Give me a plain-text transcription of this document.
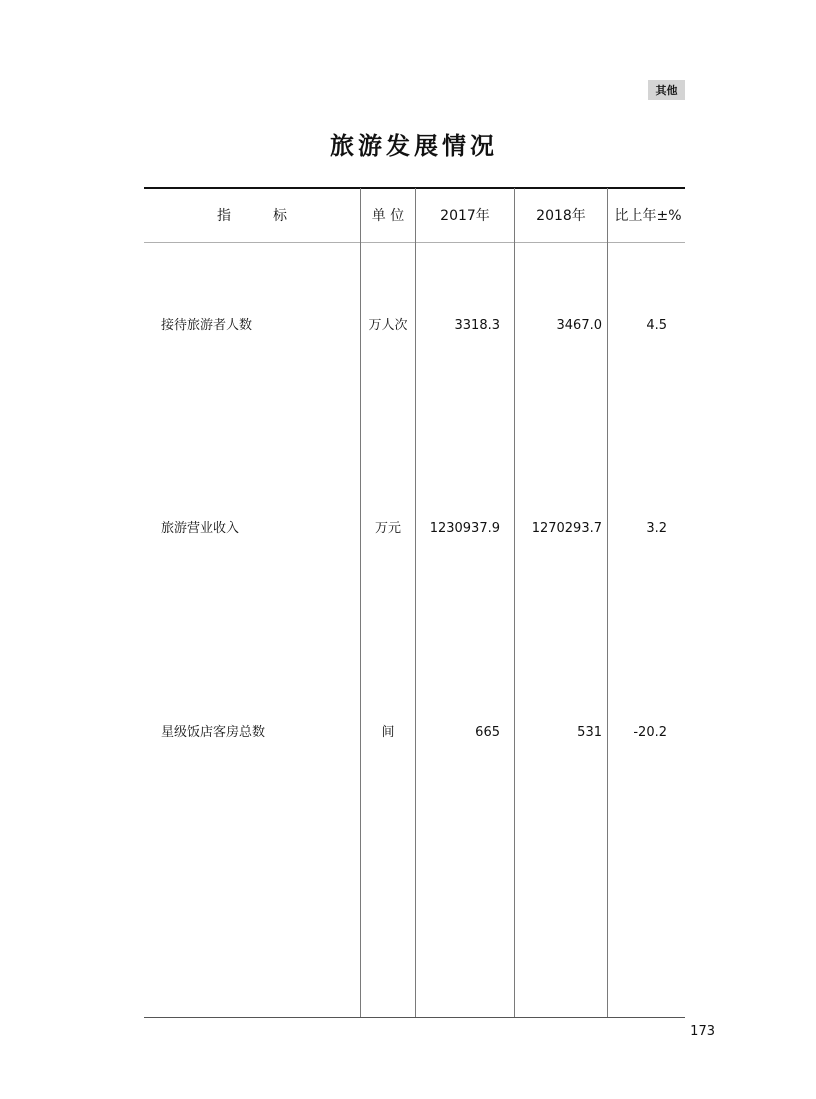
其他
旅游发展情况
指　　　标	单 位	2017年	2018年	比上年±%
接待旅游者人数	万人次	3318.3	3467.0	4.5
旅游营业收入	万元	1230937.9	1270293.7	3.2
星级饭店客房总数	间	665	531	-20.2
173
